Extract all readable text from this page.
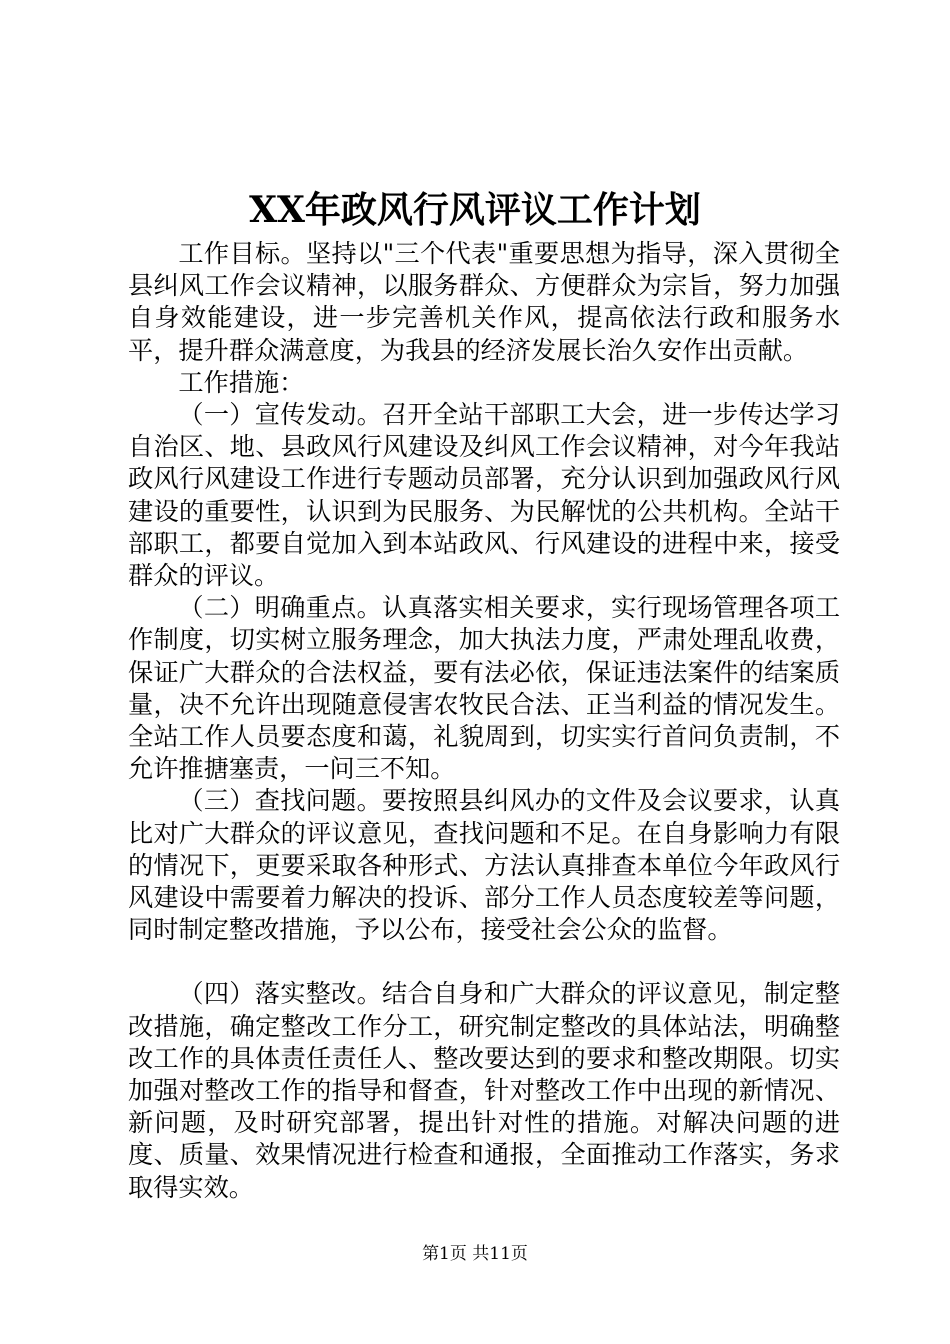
XX年政风行风评议工作计划

工作目标。坚持以"三个代表"重要思想为指导，深入贯彻全县纠风工作会议精神，以服务群众、方便群众为宗旨，努力加强自身效能建设，进一步完善机关作风，提高依法行政和服务水平，提升群众满意度，为我县的经济发展长治久安作出贡献。

工作措施：

（一）宣传发动。召开全站干部职工大会，进一步传达学习自治区、地、县政风行风建设及纠风工作会议精神，对今年我站政风行风建设工作进行专题动员部署，充分认识到加强政风行风建设的重要性，认识到为民服务、为民解忧的公共机构。全站干部职工，都要自觉加入到本站政风、行风建设的进程中来，接受群众的评议。

（二）明确重点。认真落实相关要求，实行现场管理各项工作制度，切实树立服务理念，加大执法力度，严肃处理乱收费，保证广大群众的合法权益，要有法必依，保证违法案件的结案质量，决不允许出现随意侵害农牧民合法、正当利益的情况发生。全站工作人员要态度和蔼，礼貌周到，切实实行首问负责制，不允许推搪塞责，一问三不知。

（三）查找问题。要按照县纠风办的文件及会议要求，认真比对广大群众的评议意见，查找问题和不足。在自身影响力有限的情况下，更要采取各种形式、方法认真排查本单位今年政风行风建设中需要着力解决的投诉、部分工作人员态度较差等问题，同时制定整改措施，予以公布，接受社会公众的监督。

（四）落实整改。结合自身和广大群众的评议意见，制定整改措施，确定整改工作分工，研究制定整改的具体站法，明确整改工作的具体责任责任人、整改要达到的要求和整改期限。切实加强对整改工作的指导和督查，针对整改工作中出现的新情况、新问题，及时研究部署，提出针对性的措施。对解决问题的进度、质量、效果情况进行检查和通报，全面推动工作落实，务求取得实效。

第1页 共11页
